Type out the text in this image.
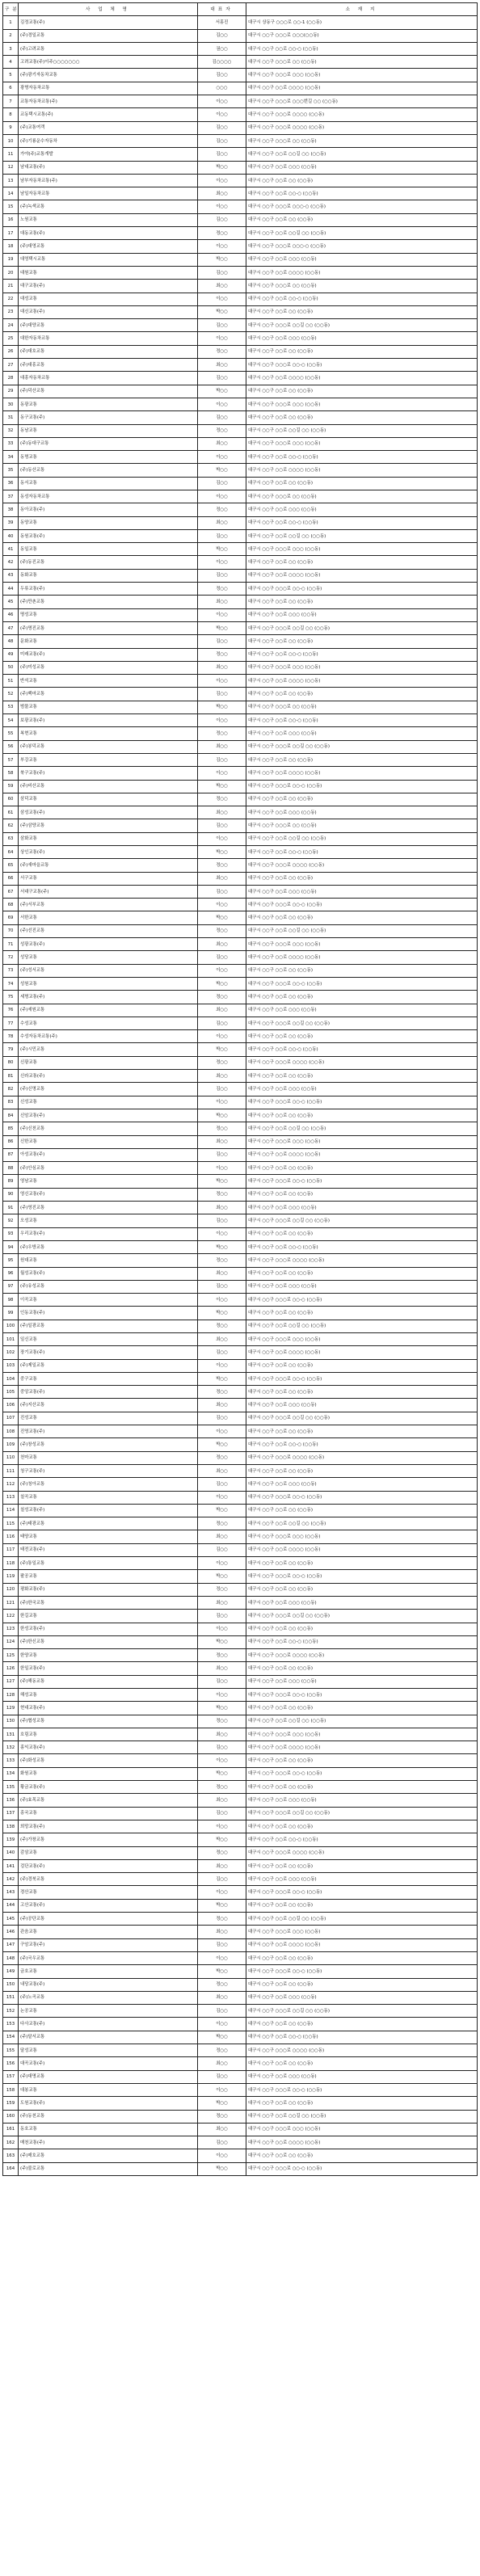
구분	사 업 체 명	대표자	소 재 지
1	김정교통(주)	서홍진	대구시 상동구 ○○○로 ○○-1 (○○동)
2	(주)경일교통	김○○	대구시 ○○구 ○○○로 ○○○(○○동)
3	(주)고려교통	권○○	대구시 ○○구 ○○로 ○○-○ (○○동)
4	고려교통(주)이주○○○○○○○	김○○○○	대구시 ○○구 ○○○로 ○○ (○○동)
5	(주)광기자동차교통	김○○	대구시 ○○구 ○○○로 ○○○ (○○동)
6	광명자동차교통	○○○	대구시 ○○구 ○○로 ○○○○ (○○동)
7	교통자동차교통(주)	이○○	대구시 ○○구 ○○○로 ○○○번길 ○○ (○○동)
8	교동택시교통(주)	이○○	대구시 ○○구 ○○○로 ○○○○ (○○동)
9	(주)교통여객	김○○	대구시 ○○구 ○○○로 ○○○○ (○○동)
10	(주)기룡운수자동차	김○○	대구시 ○○구 ○○○로 ○○ (○○동)
11	가야(주)교통개발	김○○	대구시 ○○구 ○○로 ○○길 ○○ (○○동)
12	남대교통(주)	박○○	대구시 ○○구 ○○로 ○○○ (○○동)
13	남부자동차교통(주)	이○○	대구시 ○○구 ○○로 ○○ (○○동)
14	남일자동차교통	최○○	대구시 ○○구 ○○로 ○○-○ (○○동)
15	(주)녹색교통	이○○	대구시 ○○구 ○○○로 ○○○-○ (○○동)
16	노원교통	김○○	대구시 ○○구 ○○로 ○○ (○○동)
17	대동교통(주)	정○○	대구시 ○○구 ○○로 ○○길 ○○ (○○동)
18	(주)대영교통	이○○	대구시 ○○구 ○○○로 ○○○-○ (○○동)
19	대영택시교통	박○○	대구시 ○○구 ○○로 ○○○ (○○동)
20	대원교통	김○○	대구시 ○○구 ○○로 ○○○○ (○○동)
21	대구교통(주)	최○○	대구시 ○○구 ○○○로 ○○ (○○동)
22	대성교통	이○○	대구시 ○○구 ○○로 ○○-○ (○○동)
23	대신교통(주)	박○○	대구시 ○○구 ○○로 ○○ (○○동)
24	(주)대양교통	김○○	대구시 ○○구 ○○○로 ○○길 ○○ (○○동)
25	대한자동차교통	이○○	대구시 ○○구 ○○로 ○○○ (○○동)
26	(주)대호교통	정○○	대구시 ○○구 ○○로 ○○ (○○동)
27	(주)대흥교통	최○○	대구시 ○○구 ○○○로 ○○-○ (○○동)
28	대흥자동차교통	김○○	대구시 ○○구 ○○로 ○○○○ (○○동)
29	(주)덕산교통	박○○	대구시 ○○구 ○○로 ○○ (○○동)
30	동광교통	이○○	대구시 ○○구 ○○○로 ○○○ (○○동)
31	동구교통(주)	김○○	대구시 ○○구 ○○로 ○○ (○○동)
32	동남교통	정○○	대구시 ○○구 ○○로 ○○길 ○○ (○○동)
33	(주)동대구교통	최○○	대구시 ○○구 ○○○로 ○○○ (○○동)
34	동명교통	이○○	대구시 ○○구 ○○로 ○○-○ (○○동)
35	(주)동산교통	박○○	대구시 ○○구 ○○로 ○○○○ (○○동)
36	동서교통	김○○	대구시 ○○구 ○○로 ○○ (○○동)
37	동성자동차교통	이○○	대구시 ○○구 ○○○로 ○○ (○○동)
38	동아교통(주)	정○○	대구시 ○○구 ○○로 ○○○ (○○동)
39	동양교통	최○○	대구시 ○○구 ○○로 ○○-○ (○○동)
40	동원교통(주)	김○○	대구시 ○○구 ○○로 ○○길 ○○ (○○동)
41	동일교통	박○○	대구시 ○○구 ○○○로 ○○○ (○○동)
42	(주)동진교통	이○○	대구시 ○○구 ○○로 ○○ (○○동)
43	동화교통	김○○	대구시 ○○구 ○○로 ○○○○ (○○동)
44	두류교통(주)	정○○	대구시 ○○구 ○○○로 ○○-○ (○○동)
45	(주)만촌교통	최○○	대구시 ○○구 ○○로 ○○ (○○동)
46	명성교통	이○○	대구시 ○○구 ○○로 ○○○ (○○동)
47	(주)명진교통	박○○	대구시 ○○구 ○○○로 ○○길 ○○ (○○동)
48	문화교통	김○○	대구시 ○○구 ○○로 ○○ (○○동)
49	미래교통(주)	정○○	대구시 ○○구 ○○로 ○○-○ (○○동)
50	(주)미성교통	최○○	대구시 ○○구 ○○○로 ○○○ (○○동)
51	반석교통	이○○	대구시 ○○구 ○○로 ○○○○ (○○동)
52	(주)백마교통	김○○	대구시 ○○구 ○○로 ○○ (○○동)
53	범물교통	박○○	대구시 ○○구 ○○○로 ○○ (○○동)
54	보광교통(주)	이○○	대구시 ○○구 ○○로 ○○-○ (○○동)
55	복현교통	정○○	대구시 ○○구 ○○로 ○○○ (○○동)
56	(주)봉덕교통	최○○	대구시 ○○구 ○○○로 ○○길 ○○ (○○동)
57	부강교통	김○○	대구시 ○○구 ○○로 ○○ (○○동)
58	북구교통(주)	이○○	대구시 ○○구 ○○로 ○○○○ (○○동)
59	(주)비산교통	박○○	대구시 ○○구 ○○○로 ○○-○ (○○동)
60	삼덕교통	정○○	대구시 ○○구 ○○로 ○○ (○○동)
61	삼성교통(주)	최○○	대구시 ○○구 ○○로 ○○○ (○○동)
62	(주)삼양교통	김○○	대구시 ○○구 ○○○로 ○○ (○○동)
63	삼화교통	이○○	대구시 ○○구 ○○로 ○○길 ○○ (○○동)
64	상인교통(주)	박○○	대구시 ○○구 ○○로 ○○-○ (○○동)
65	(주)새마을교통	정○○	대구시 ○○구 ○○○로 ○○○○ (○○동)
66	서구교통	최○○	대구시 ○○구 ○○로 ○○ (○○동)
67	서대구교통(주)	김○○	대구시 ○○구 ○○로 ○○○ (○○동)
68	(주)서부교통	이○○	대구시 ○○구 ○○○로 ○○-○ (○○동)
69	서한교통	박○○	대구시 ○○구 ○○로 ○○ (○○동)
70	(주)선진교통	정○○	대구시 ○○구 ○○로 ○○길 ○○ (○○동)
71	성광교통(주)	최○○	대구시 ○○구 ○○○로 ○○○ (○○동)
72	성당교통	김○○	대구시 ○○구 ○○로 ○○○○ (○○동)
73	(주)성서교통	이○○	대구시 ○○구 ○○로 ○○ (○○동)
74	성원교통	박○○	대구시 ○○구 ○○○로 ○○-○ (○○동)
75	세명교통(주)	정○○	대구시 ○○구 ○○로 ○○ (○○동)
76	(주)세원교통	최○○	대구시 ○○구 ○○로 ○○○ (○○동)
77	수성교통	김○○	대구시 ○○구 ○○○로 ○○길 ○○ (○○동)
78	수성자동차교통(주)	이○○	대구시 ○○구 ○○로 ○○ (○○동)
79	(주)시민교통	박○○	대구시 ○○구 ○○로 ○○-○ (○○동)
80	신광교통	정○○	대구시 ○○구 ○○○로 ○○○○ (○○동)
81	신라교통(주)	최○○	대구시 ○○구 ○○로 ○○ (○○동)
82	(주)신명교통	김○○	대구시 ○○구 ○○로 ○○○ (○○동)
83	신성교통	이○○	대구시 ○○구 ○○○로 ○○-○ (○○동)
84	신암교통(주)	박○○	대구시 ○○구 ○○로 ○○ (○○동)
85	(주)신천교통	정○○	대구시 ○○구 ○○로 ○○길 ○○ (○○동)
86	신한교통	최○○	대구시 ○○구 ○○○로 ○○○ (○○동)
87	아성교통(주)	김○○	대구시 ○○구 ○○로 ○○○○ (○○동)
88	(주)안심교통	이○○	대구시 ○○구 ○○로 ○○ (○○동)
89	영남교통	박○○	대구시 ○○구 ○○○로 ○○-○ (○○동)
90	영신교통(주)	정○○	대구시 ○○구 ○○로 ○○ (○○동)
91	(주)영진교통	최○○	대구시 ○○구 ○○로 ○○○ (○○동)
92	오성교통	김○○	대구시 ○○구 ○○○로 ○○길 ○○ (○○동)
93	우리교통(주)	이○○	대구시 ○○구 ○○로 ○○ (○○동)
94	(주)우방교통	박○○	대구시 ○○구 ○○로 ○○-○ (○○동)
95	원대교통	정○○	대구시 ○○구 ○○○로 ○○○○ (○○동)
96	월성교통(주)	최○○	대구시 ○○구 ○○로 ○○ (○○동)
97	(주)유성교통	김○○	대구시 ○○구 ○○로 ○○○ (○○동)
98	이곡교통	이○○	대구시 ○○구 ○○○로 ○○-○ (○○동)
99	인동교통(주)	박○○	대구시 ○○구 ○○로 ○○ (○○동)
100	(주)일광교통	정○○	대구시 ○○구 ○○로 ○○길 ○○ (○○동)
101	일신교통	최○○	대구시 ○○구 ○○○로 ○○○ (○○동)
102	장기교통(주)	김○○	대구시 ○○구 ○○로 ○○○○ (○○동)
103	(주)제일교통	이○○	대구시 ○○구 ○○로 ○○ (○○동)
104	중구교통	박○○	대구시 ○○구 ○○○로 ○○-○ (○○동)
105	중앙교통(주)	정○○	대구시 ○○구 ○○로 ○○ (○○동)
106	(주)지산교통	최○○	대구시 ○○구 ○○로 ○○○ (○○동)
107	진성교통	김○○	대구시 ○○구 ○○○로 ○○길 ○○ (○○동)
108	진영교통(주)	이○○	대구시 ○○구 ○○로 ○○ (○○동)
109	(주)창성교통	박○○	대구시 ○○구 ○○로 ○○-○ (○○동)
110	천마교통	정○○	대구시 ○○구 ○○○로 ○○○○ (○○동)
111	청구교통(주)	최○○	대구시 ○○구 ○○로 ○○ (○○동)
112	(주)청아교통	김○○	대구시 ○○구 ○○로 ○○○ (○○동)
113	칠곡교통	이○○	대구시 ○○구 ○○○로 ○○-○ (○○동)
114	칠성교통(주)	박○○	대구시 ○○구 ○○로 ○○ (○○동)
115	(주)태광교통	정○○	대구시 ○○구 ○○로 ○○길 ○○ (○○동)
116	태양교통	최○○	대구시 ○○구 ○○○로 ○○○ (○○동)
117	태전교통(주)	김○○	대구시 ○○구 ○○로 ○○○○ (○○동)
118	(주)통일교통	이○○	대구시 ○○구 ○○로 ○○ (○○동)
119	팔공교통	박○○	대구시 ○○구 ○○○로 ○○-○ (○○동)
120	평화교통(주)	정○○	대구시 ○○구 ○○로 ○○ (○○동)
121	(주)한국교통	최○○	대구시 ○○구 ○○로 ○○○ (○○동)
122	한길교통	김○○	대구시 ○○구 ○○○로 ○○길 ○○ (○○동)
123	한성교통(주)	이○○	대구시 ○○구 ○○로 ○○ (○○동)
124	(주)한신교통	박○○	대구시 ○○구 ○○로 ○○-○ (○○동)
125	한양교통	정○○	대구시 ○○구 ○○○로 ○○○○ (○○동)
126	한일교통(주)	최○○	대구시 ○○구 ○○로 ○○ (○○동)
127	(주)해동교통	김○○	대구시 ○○구 ○○로 ○○○ (○○동)
128	해성교통	이○○	대구시 ○○구 ○○○로 ○○-○ (○○동)
129	현대교통(주)	박○○	대구시 ○○구 ○○로 ○○ (○○동)
130	(주)협성교통	정○○	대구시 ○○구 ○○로 ○○길 ○○ (○○동)
131	호림교통	최○○	대구시 ○○구 ○○○로 ○○○ (○○동)
132	홍익교통(주)	김○○	대구시 ○○구 ○○로 ○○○○ (○○동)
133	(주)화성교통	이○○	대구시 ○○구 ○○로 ○○ (○○동)
134	화원교통	박○○	대구시 ○○구 ○○○로 ○○-○ (○○동)
135	황금교통(주)	정○○	대구시 ○○구 ○○로 ○○ (○○동)
136	(주)효목교통	최○○	대구시 ○○구 ○○로 ○○○ (○○동)
137	흥국교통	김○○	대구시 ○○구 ○○○로 ○○길 ○○ (○○동)
138	희망교통(주)	이○○	대구시 ○○구 ○○로 ○○ (○○동)
139	(주)가창교통	박○○	대구시 ○○구 ○○로 ○○-○ (○○동)
140	감삼교통	정○○	대구시 ○○구 ○○○로 ○○○○ (○○동)
141	검단교통(주)	최○○	대구시 ○○구 ○○로 ○○ (○○동)
142	(주)경북교통	김○○	대구시 ○○구 ○○로 ○○○ (○○동)
143	경산교통	이○○	대구시 ○○구 ○○○로 ○○-○ (○○동)
144	고산교통(주)	박○○	대구시 ○○구 ○○로 ○○ (○○동)
145	(주)공단교통	정○○	대구시 ○○구 ○○로 ○○길 ○○ (○○동)
146	관음교통	최○○	대구시 ○○구 ○○○로 ○○○ (○○동)
147	구암교통(주)	김○○	대구시 ○○구 ○○로 ○○○○ (○○동)
148	(주)국우교통	이○○	대구시 ○○구 ○○로 ○○ (○○동)
149	금호교통	박○○	대구시 ○○구 ○○○로 ○○-○ (○○동)
150	내당교통(주)	정○○	대구시 ○○구 ○○로 ○○ (○○동)
151	(주)노곡교통	최○○	대구시 ○○구 ○○로 ○○○ (○○동)
152	논공교통	김○○	대구시 ○○구 ○○○로 ○○길 ○○ (○○동)
153	다사교통(주)	이○○	대구시 ○○구 ○○로 ○○ (○○동)
154	(주)달서교통	박○○	대구시 ○○구 ○○로 ○○-○ (○○동)
155	달성교통	정○○	대구시 ○○구 ○○○로 ○○○○ (○○동)
156	대곡교통(주)	최○○	대구시 ○○구 ○○로 ○○ (○○동)
157	(주)대명교통	김○○	대구시 ○○구 ○○로 ○○○ (○○동)
158	대봉교통	이○○	대구시 ○○구 ○○○로 ○○-○ (○○동)
159	도원교통(주)	박○○	대구시 ○○구 ○○로 ○○ (○○동)
160	(주)동천교통	정○○	대구시 ○○구 ○○로 ○○길 ○○ (○○동)
161	동호교통	최○○	대구시 ○○구 ○○○로 ○○○ (○○동)
162	매천교통(주)	김○○	대구시 ○○구 ○○로 ○○○○ (○○동)
163	(주)매호교통	이○○	대구시 ○○구 ○○로 ○○ (○○동)
164	(주)불로교통	박○○	대구시 ○○구 ○○○로 ○○-○ (○○동)
